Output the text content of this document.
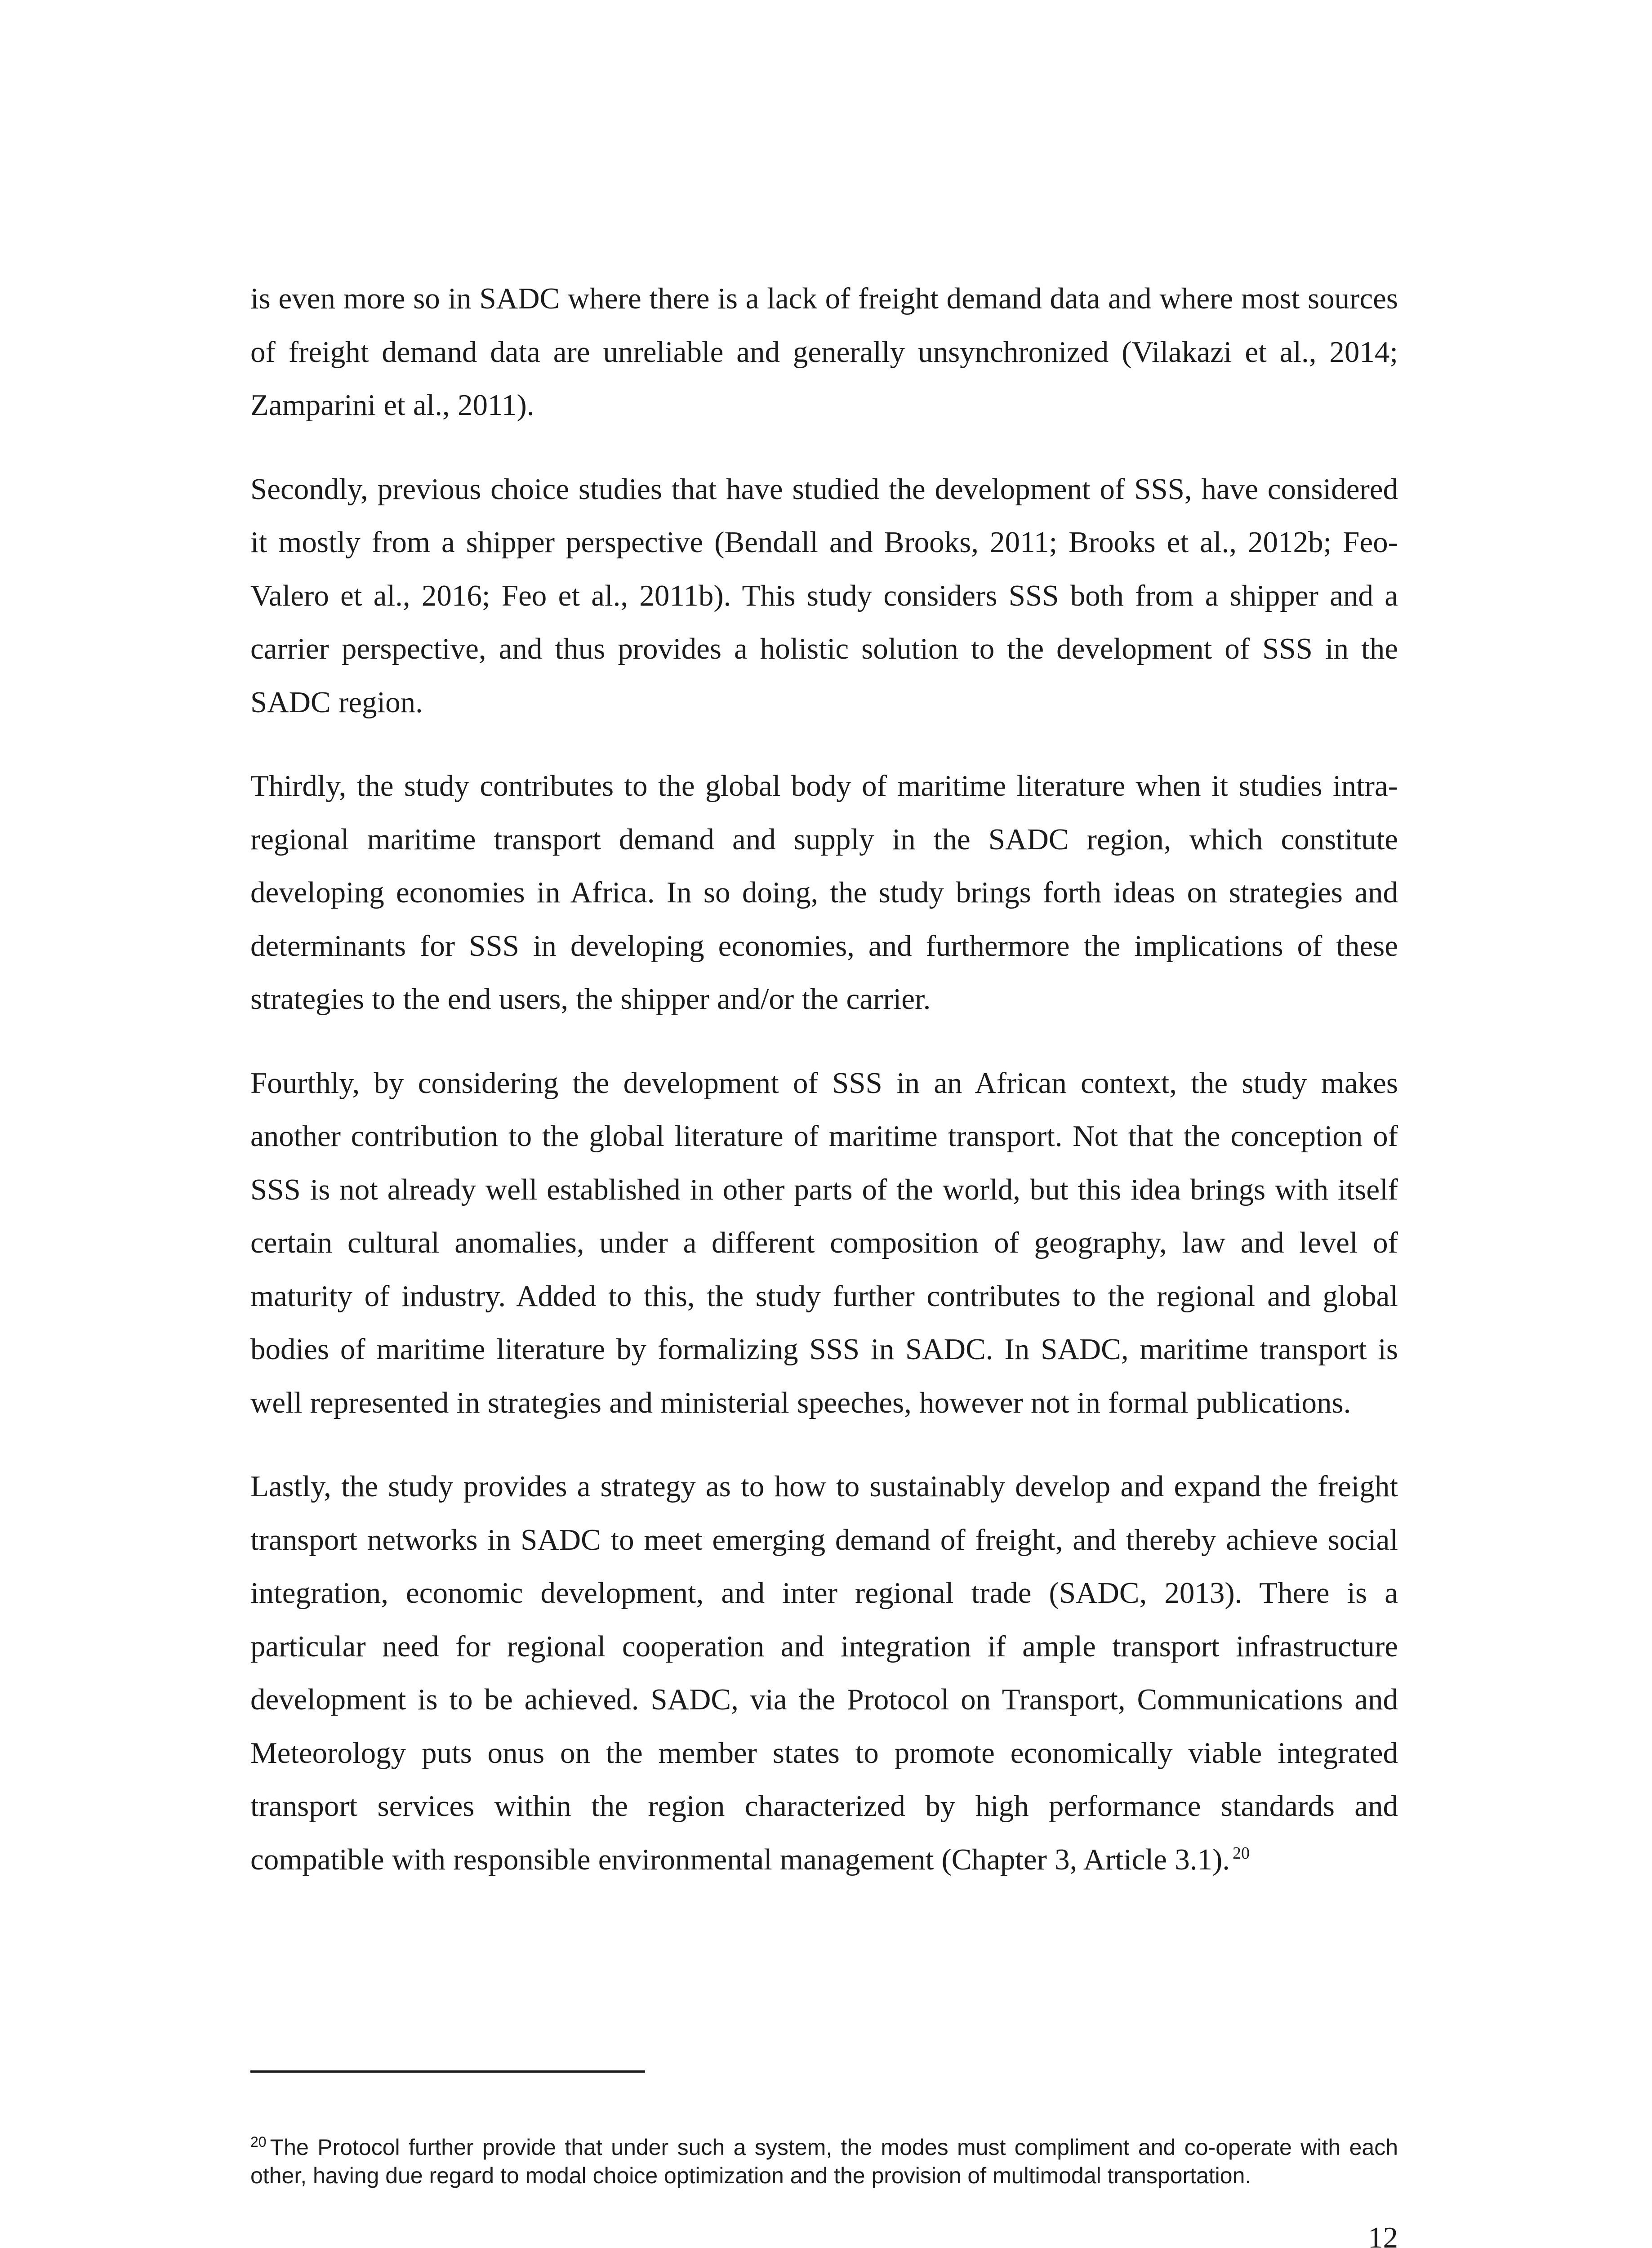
is even more so in SADC where there is a lack of freight demand data and where most sources of freight demand data are unreliable and generally unsynchronized (Vilakazi et al., 2014; Zamparini et al., 2011).

Secondly, previous choice studies that have studied the development of SSS, have considered it mostly from a shipper perspective (Bendall and Brooks, 2011; Brooks et al., 2012b; Feo-Valero et al., 2016; Feo et al., 2011b). This study considers SSS both from a shipper and a carrier perspective, and thus provides a holistic solution to the development of SSS in the SADC region.

Thirdly, the study contributes to the global body of maritime literature when it studies intra-regional maritime transport demand and supply in the SADC region, which constitute developing economies in Africa. In so doing, the study brings forth ideas on strategies and determinants for SSS in developing economies, and furthermore the implications of these strategies to the end users, the shipper and/or the carrier.

Fourthly, by considering the development of SSS in an African context, the study makes another contribution to the global literature of maritime transport. Not that the conception of SSS is not already well established in other parts of the world, but this idea brings with itself certain cultural anomalies, under a different composition of geography, law and level of maturity of industry. Added to this, the study further contributes to the regional and global bodies of maritime literature by formalizing SSS in SADC. In SADC, maritime transport is well represented in strategies and ministerial speeches, however not in formal publications.

Lastly, the study provides a strategy as to how to sustainably develop and expand the freight transport networks in SADC to meet emerging demand of freight, and thereby achieve social integration, economic development, and inter regional trade (SADC, 2013). There is a particular need for regional cooperation and integration if ample transport infrastructure development is to be achieved. SADC, via the Protocol on Transport, Communications and Meteorology puts onus on the member states to promote economically viable integrated transport services within the region characterized by high performance standards and compatible with responsible environmental management (Chapter 3, Article 3.1). $^{20}$

$^{20}$ The Protocol further provide that under such a system, the modes must compliment and co-operate with each other, having due regard to modal choice optimization and the provision of multimodal transportation.

12
